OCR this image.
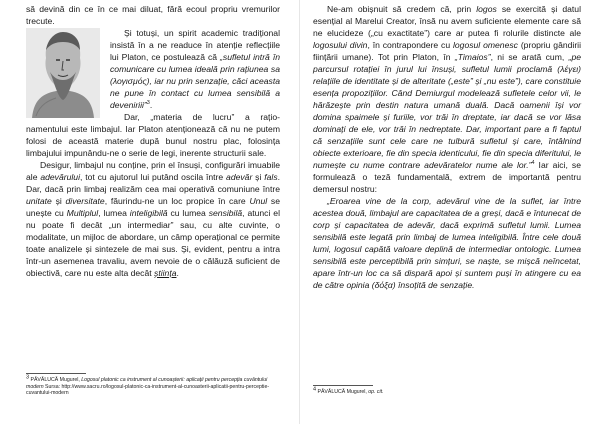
să devină din ce în ce mai diluat, fără ecoul propriu vremurilor trecute.

Și totuși, un spirit academic tradițional insistă în a ne readuce în atenție reflecțiile lui Platon, ce postulează că „sufletul intră în comunicare cu lumea ideală prin rațiunea sa (λογισμός), iar nu prin senzație, căci aceasta ne pune în contact cu lumea sensibilă a deveniriii”$^3$.

Dar, „materia de lucru” a rațio-namentului este limbajul. Iar Platon atenționează că nu ne putem folosi de această materie după bunul nostru plac, folosința limbajului impunându-ne o serie de legi, inerente structurii sale.

Desigur, limbajul nu conține, prin el însuși, configurări imuabile ale adevărului, tot cu ajutorul lui putând oscila între adevăr și fals. Dar, dacă prin limbaj realizăm cea mai operativă comuniune între unitate și diversitate, făurindu-ne un loc propice în care Unul se unește cu Multiplul, lumea inteligibilă cu lumea sensibilă, atunci el nu poate fi decât „un intermediar” sau, cu alte cuvinte, o modalitate, un mijloc de abordare, un câmp operațional ce permite toate analizele și sintezele de mai sus. Și, evident, pentru a intra într-un asemenea travaliu, avem nevoie de o călăuză suficient de obiectivă, care nu este alta decât știința.

$^3$ PĂVĂLUCĂ Mugurel, Logosul platonic ca instrument al cunoașterii: aplicații pentru percepția cuvântului modern Sursa: http://www.sacru.ro/logosul-platonic-ca-instrument-al-cunoasterii-aplicatii-pentru-perceptie-cuvantului-modern

Ne-am obișnuit să credem că, prin logos se exercită și datul esențial al Marelui Creator, însă nu avem suficiente elemente care să ne elucideze („cu exactitate”) care ar putea fi rolurile distincte ale logosului divin, în contrapondere cu logosul omenesc (propriu gândirii ființării umane). Tot prin Platon, în „Timaios”, ni se arată cum, „pe parcursul rotației în jurul lui însuși, sufletul lumii proclamă (λέγει) relațiile de identitate și de alteritate („este” și „nu este”), care constituie esența propozițiilor. Când Demiurgul modelează sufletele celor vii, le hărăzește prin destin natura umană duală. Dacă oamenii își vor domina spaimele și furiile, vor trăi în dreptate, iar dacă se vor lăsa dominați de ele, vor trăi în nedreptate. Dar, important pare a fi faptul că senzațiile sunt cele care ne tulbură sufletul și care, întâlnind obiecte exterioare, fie din specia identicului, fie din specia diferitului, le numește cu nume contrare adevăratelor nume ale lor.”$^4$ Iar aici, se formulează o teză fundamentală, extrem de importantă pentru demersul nostru:

„Eroarea vine de la corp, adevărul vine de la suflet, iar între acestea două, limbajul are capacitatea de a greși, dacă e întunecat de corp și capacitatea de adevăr, dacă exprimă sufletul lumii. Lumea sensibilă este legată prin limbaj de lumea inteligibilă. Între cele două lumi, logosul capătă valoare deplină de intermediar ontologic. Lumea sensibilă este perceptibilă prin simțuri, se naște, se mișcă neîncetat, apare într-un loc ca să dispară apoi și suntem puși în atingere cu ea de către opinia (δόξα) însoțită de senzație.

$^4$ PĂVĂLUCĂ Mugurel, op. cit.
